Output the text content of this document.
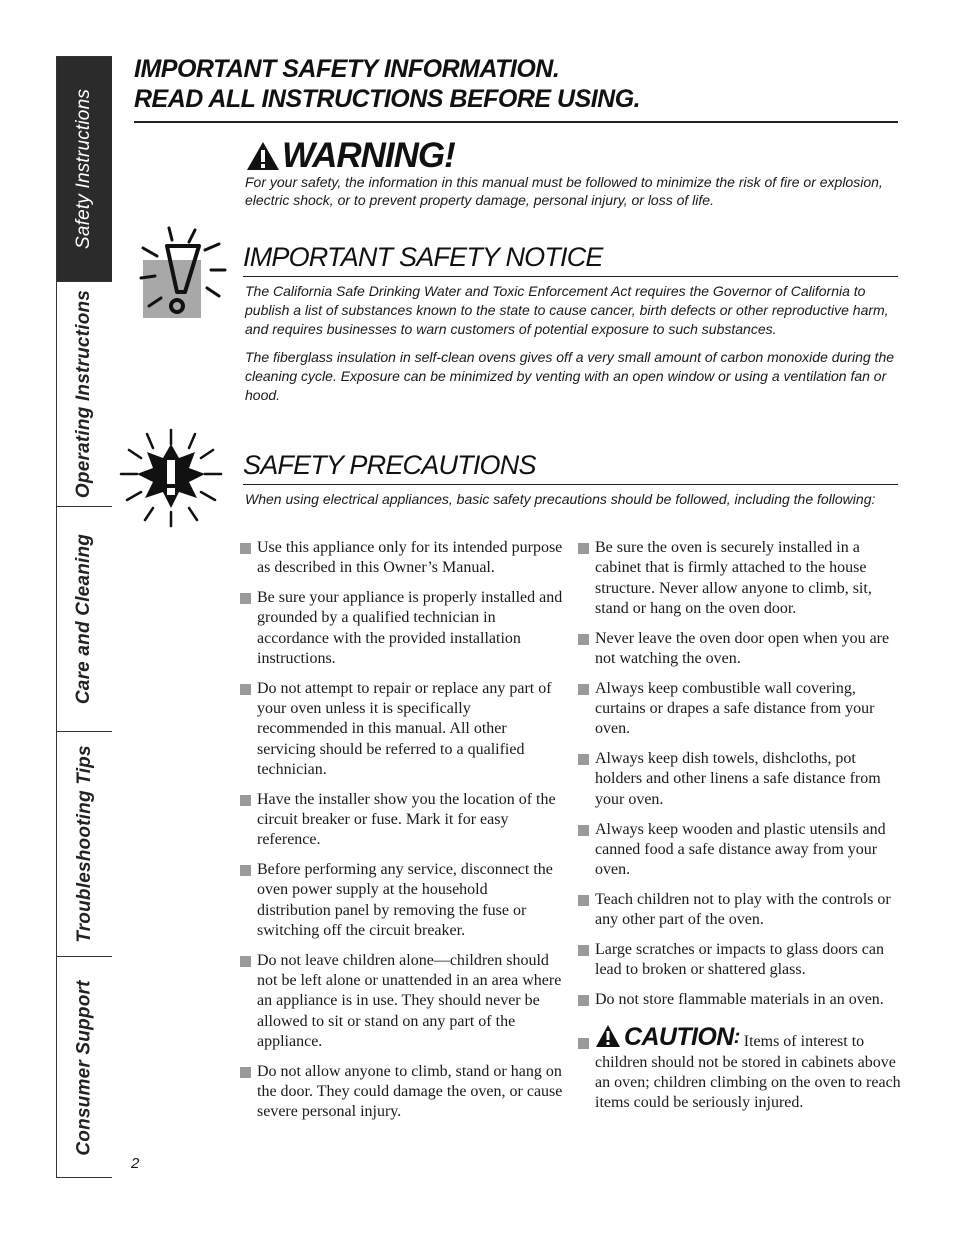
Safety Instructions
Operating Instructions
Care and Cleaning
Troubleshooting Tips
Consumer Support
IMPORTANT SAFETY INFORMATION.
READ ALL INSTRUCTIONS BEFORE USING.
WARNING!
For your safety, the information in this manual must be followed to minimize the risk of fire or explosion, electric shock, or to prevent property damage, personal injury, or loss of life.
IMPORTANT SAFETY NOTICE
The California Safe Drinking Water and Toxic Enforcement Act requires the Governor of California to publish a list of substances known to the state to cause cancer, birth defects or other reproductive harm, and requires businesses to warn customers of potential exposure to such substances.
The fiberglass insulation in self-clean ovens gives off a very small amount of carbon monoxide during the cleaning cycle. Exposure can be minimized by venting with an open window or using a ventilation fan or hood.
SAFETY PRECAUTIONS
When using electrical appliances, basic safety precautions should be followed, including the following:
Use this appliance only for its intended purpose as described in this Owner’s Manual.
Be sure your appliance is properly installed and grounded by a qualified technician in accordance with the provided installation instructions.
Do not attempt to repair or replace any part of your oven unless it is specifically recommended in this manual. All other servicing should be referred to a qualified technician.
Have the installer show you the location of the circuit breaker or fuse. Mark it for easy reference.
Before performing any service, disconnect the oven power supply at the household distribution panel by removing the fuse or switching off the circuit breaker.
Do not leave children alone—children should not be left alone or unattended in an area where an appliance is in use. They should never be allowed to sit or stand on any part of the appliance.
Do not allow anyone to climb, stand or hang on the door. They could damage the oven, or cause severe personal injury.
Be sure the oven is securely installed in a cabinet that is firmly attached to the house structure. Never allow anyone to climb, sit, stand or hang on the oven door.
Never leave the oven door open when you are not watching the oven.
Always keep combustible wall covering, curtains or drapes a safe distance from your oven.
Always keep dish towels, dishcloths, pot holders and other linens a safe distance from your oven.
Always keep wooden and plastic utensils and canned food a safe distance away from your oven.
Teach children not to play with the controls or any other part of the oven.
Large scratches or impacts to glass doors can lead to broken or shattered glass.
Do not store flammable materials in an oven.
CAUTION : Items of interest to children should not be stored in cabinets above an oven; children climbing on the oven to reach items could be seriously injured.
2
